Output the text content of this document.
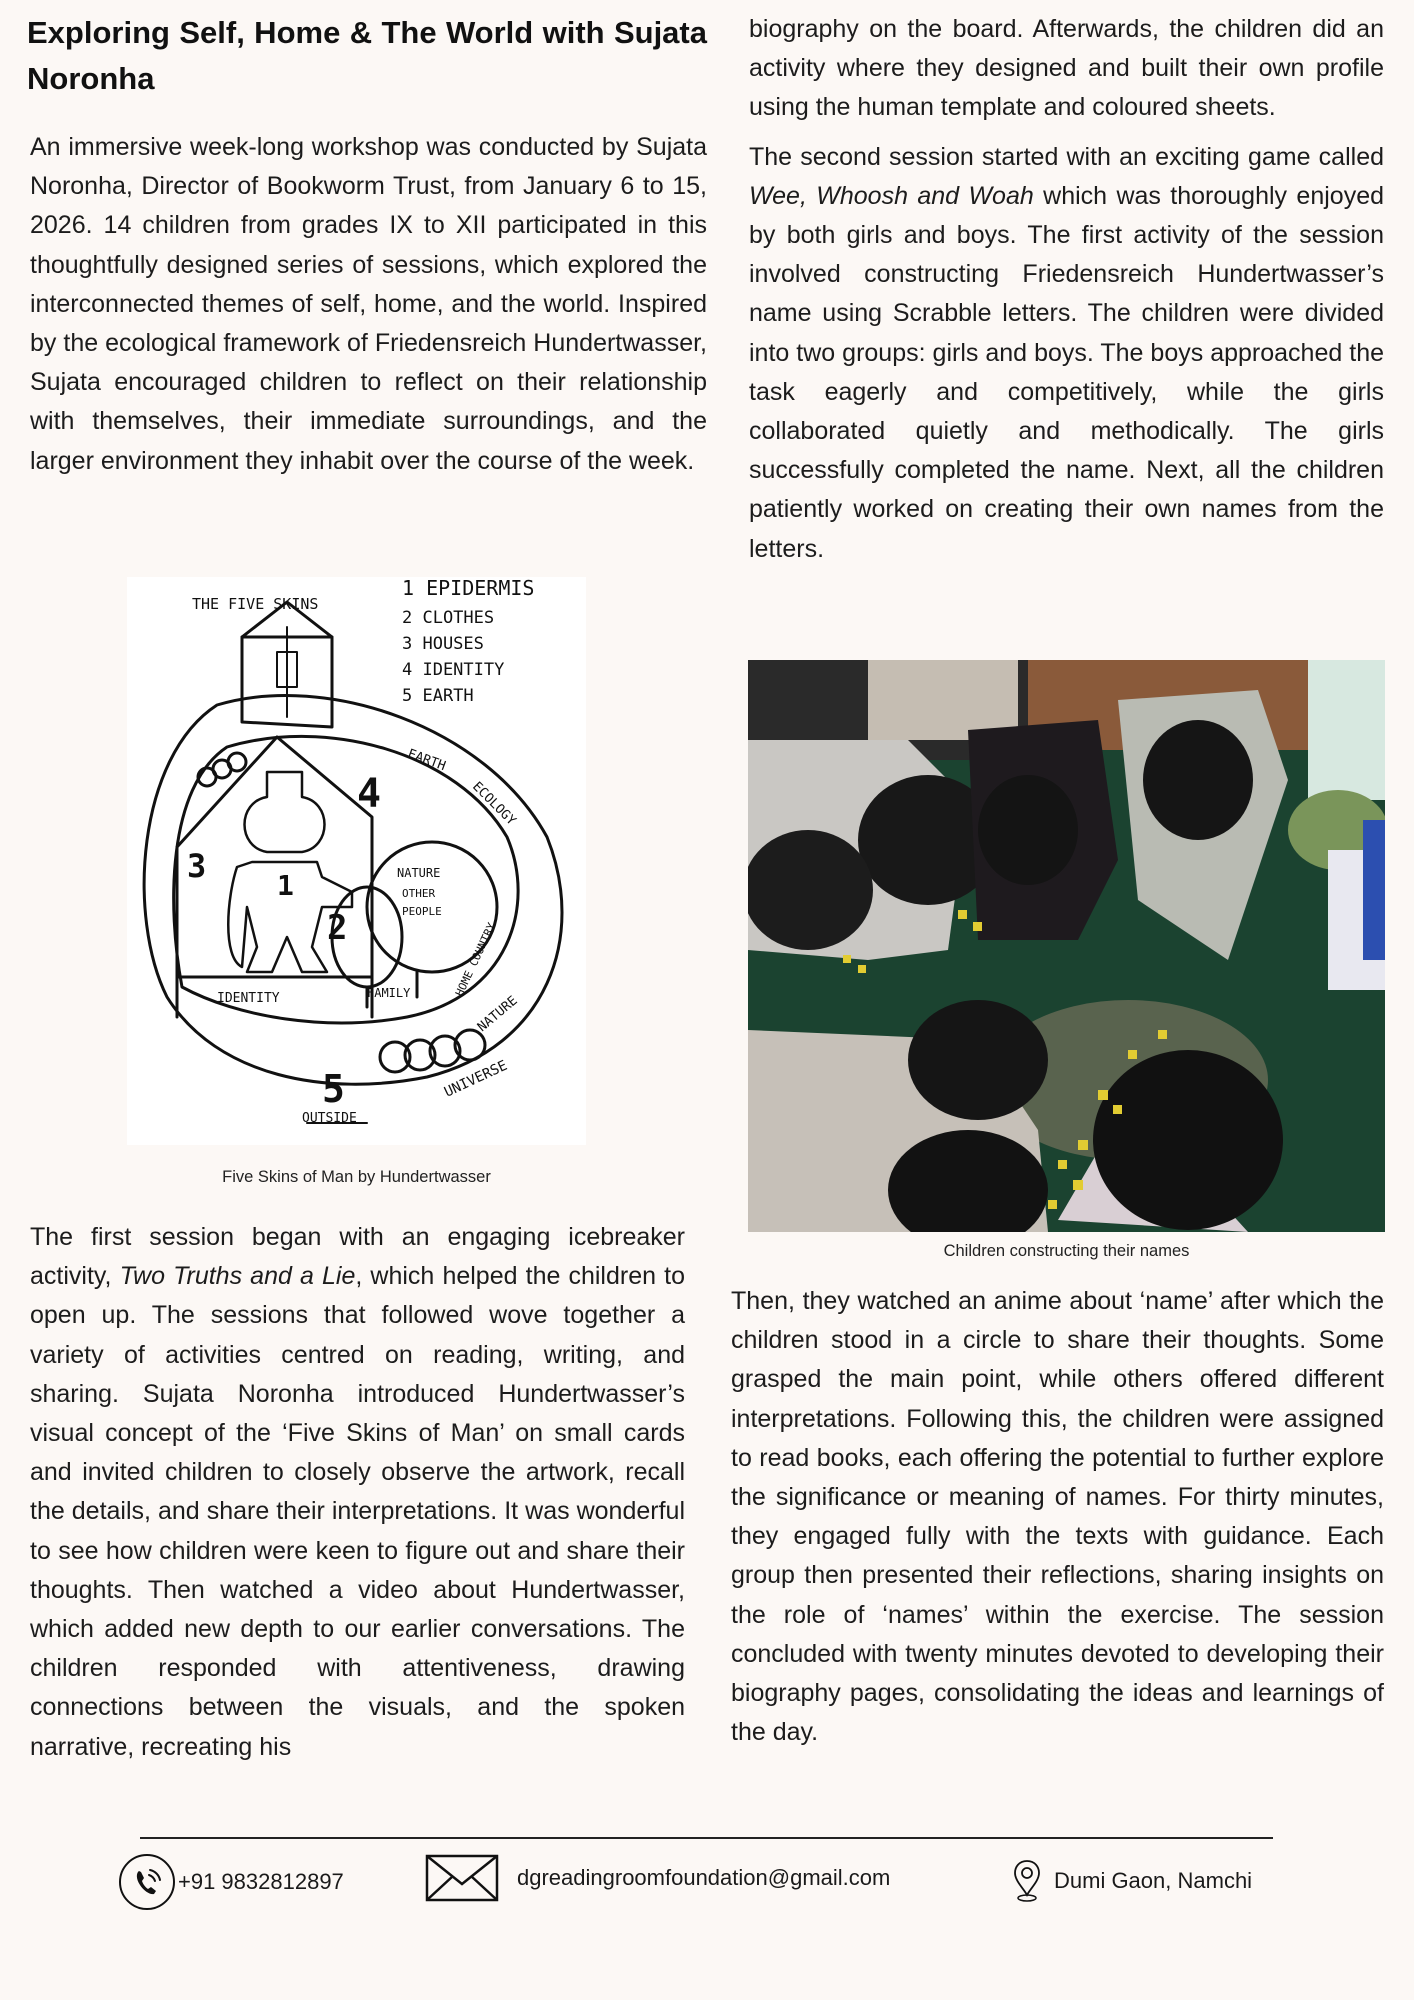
Exploring Self, Home & The World with Sujata Noronha

An immersive week-long workshop was conducted by Sujata Noronha, Director of Bookworm Trust, from January 6 to 15, 2026. 14 children from grades IX to XII participated in this thoughtfully designed series of sessions, which explored the interconnected themes of self, home, and the world. Inspired by the ecological framework of Friedensreich Hundertwasser, Sujata encouraged children to reflect on their relationship with themselves, their immediate surroundings, and the larger environment they inhabit over the course of the week.

THE FIVE SKINS
1 EPIDERMIS
2 CLOTHES
3 HOUSES
4 IDENTITY
5 EARTH
EARTH
ECOLOGY
NATURE
OTHER
PEOPLE
HOME COUNTRY
IDENTITY	FAMILY
NATURE
UNIVERSE
OUTSIDE
1
2
3
4
5
Five Skins of Man by Hundertwasser

The first session began with an engaging icebreaker activity, Two Truths and a Lie, which helped the children to open up. The sessions that followed wove together a variety of activities centred on reading, writing, and sharing. Sujata Noronha introduced Hundertwasser’s visual concept of the ‘Five Skins of Man’ on small cards and invited children to closely observe the artwork, recall the details, and share their interpretations. It was wonderful to see how children were keen to figure out and share their thoughts. Then watched a video about Hundertwasser, which added new depth to our earlier conversations. The children responded with attentiveness, drawing connections between the visuals, and the spoken narrative, recreating his

biography on the board. Afterwards, the children did an activity where they designed and built their own profile using the human template and coloured sheets.

The second session started with an exciting game called Wee, Whoosh and Woah which was thoroughly enjoyed by both girls and boys. The first activity of the session involved constructing Friedensreich Hundertwasser’s name using Scrabble letters. The children were divided into two groups: girls and boys. The boys approached the task eagerly and competitively, while the girls collaborated quietly and methodically. The girls successfully completed the name. Next, all the children patiently worked on creating their own names from the letters.

Children constructing their names

Then, they watched an anime about ‘name’ after which the children stood in a circle to share their thoughts. Some grasped the main point, while others offered different interpretations. Following this, the children were assigned to read books, each offering the potential to further explore the significance or meaning of names. For thirty minutes, they engaged fully with the texts with guidance. Each group then presented their reflections, sharing insights on the role of ‘names’ within the exercise. The session concluded with twenty minutes devoted to developing their biography pages, consolidating the ideas and learnings of the day.

+91 9832812897	dgreadingroomfoundation@gmail.com	Dumi Gaon, Namchi
